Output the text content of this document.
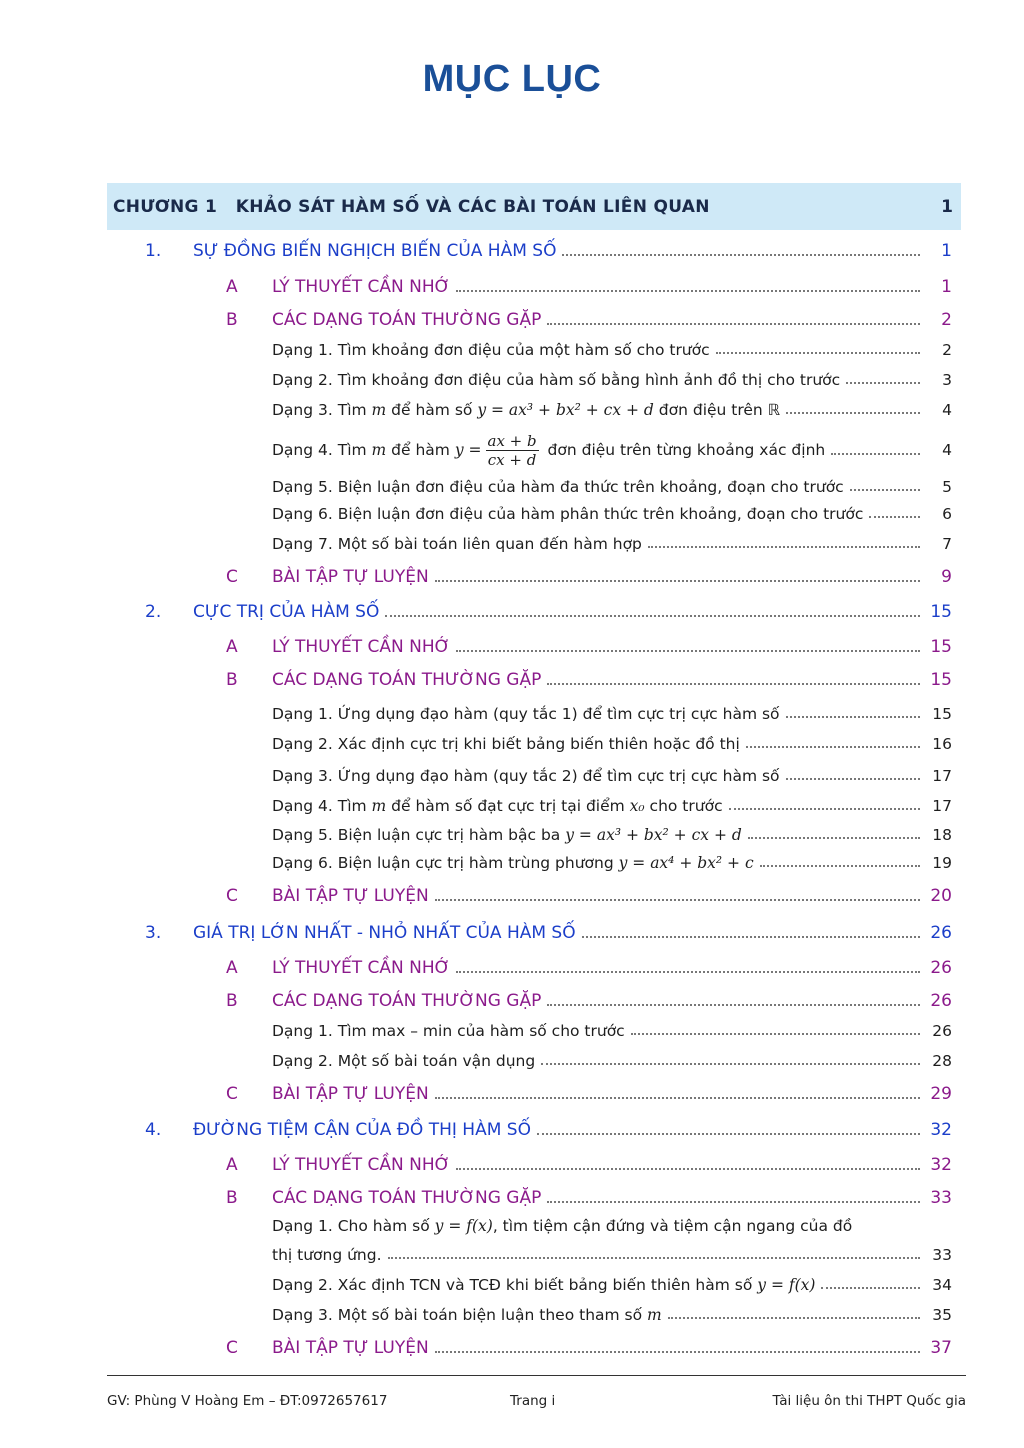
MỤC LỤC
CHƯƠNG 1   KHẢO SÁT HÀM SỐ VÀ CÁC BÀI TOÁN LIÊN QUAN	1
1. SỰ ĐỒNG BIẾN NGHỊCH BIẾN CỦA HÀM SỐ	1
A LÝ THUYẾT CẦN NHỚ	1
B CÁC DẠNG TOÁN THƯỜNG GẶP	2
Dạng 1. Tìm khoảng đơn điệu của một hàm số cho trước	2
Dạng 2. Tìm khoảng đơn điệu của hàm số bằng hình ảnh đồ thị cho trước	3
Dạng 3. Tìm m để hàm số y = ax³ + bx² + cx + d đơn điệu trên ℝ	4
Dạng 4. Tìm m để hàm $y = \frac{ax + b}{cx + d}$ đơn điệu trên từng khoảng xác định	4
Dạng 5. Biện luận đơn điệu của hàm đa thức trên khoảng, đoạn cho trước	5
Dạng 6. Biện luận đơn điệu của hàm phân thức trên khoảng, đoạn cho trước	6
Dạng 7. Một số bài toán liên quan đến hàm hợp	7
C BÀI TẬP TỰ LUYỆN	9
2. CỰC TRỊ CỦA HÀM SỐ	15
A LÝ THUYẾT CẦN NHỚ	15
B CÁC DẠNG TOÁN THƯỜNG GẶP	15
Dạng 1. Ứng dụng đạo hàm (quy tắc 1) để tìm cực trị cực hàm số	15
Dạng 2. Xác định cực trị khi biết bảng biến thiên hoặc đồ thị	16
Dạng 3. Ứng dụng đạo hàm (quy tắc 2) để tìm cực trị cực hàm số	17
Dạng 4. Tìm m để hàm số đạt cực trị tại điểm x₀ cho trước	17
Dạng 5. Biện luận cực trị hàm bậc ba y = ax³ + bx² + cx + d	18
Dạng 6. Biện luận cực trị hàm trùng phương y = ax⁴ + bx² + c	19
C BÀI TẬP TỰ LUYỆN	20
3. GIÁ TRỊ LỚN NHẤT - NHỎ NHẤT CỦA HÀM SỐ	26
A LÝ THUYẾT CẦN NHỚ	26
B CÁC DẠNG TOÁN THƯỜNG GẶP	26
Dạng 1. Tìm max – min của hàm số cho trước	26
Dạng 2. Một số bài toán vận dụng	28
C BÀI TẬP TỰ LUYỆN	29
4. ĐƯỜNG TIỆM CẬN CỦA ĐỒ THỊ HÀM SỐ	32
A LÝ THUYẾT CẦN NHỚ	32
B CÁC DẠNG TOÁN THƯỜNG GẶP	33
Dạng 1. Cho hàm số y = f(x), tìm tiệm cận đứng và tiệm cận ngang của đồ
thị tương ứng.	33
Dạng 2. Xác định TCN và TCĐ khi biết bảng biến thiên hàm số y = f(x)	34
Dạng 3. Một số bài toán biện luận theo tham số m	35
C BÀI TẬP TỰ LUYỆN	37
GV: Phùng V Hoàng Em – ĐT:0972657617	Trang i	Tài liệu ôn thi THPT Quốc gia
